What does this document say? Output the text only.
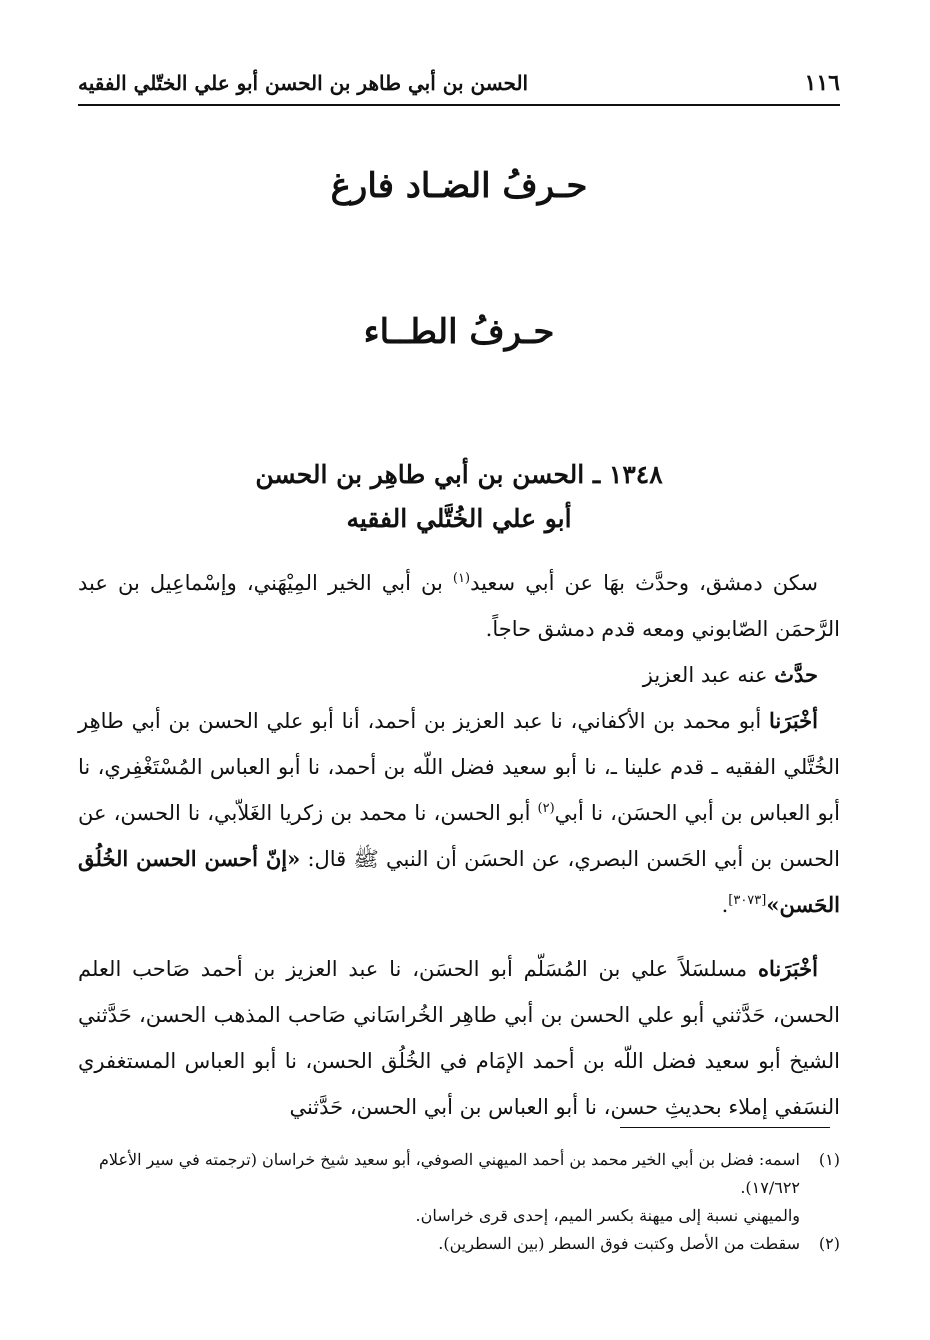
١١٦
الحسن بن أبي طاهر بن الحسن أبو علي الختّلي الفقيه
حـرفُ الضـاد فارغ
حـرفُ الطــاء
١٣٤٨ ـ الحسن بن أبي طاهِر بن الحسن
أبو علي الخُتَّلي الفقيه

سكن دمشق، وحدَّث بهَا عن أبي سعيد$^{(١)}$ بن أبي الخير المِيْهَني، وإسْماعِيل بن عبد الرَّحمَن الصّابوني ومعه قدم دمشق حاجاً.

حدَّث عنه عبد العزيز

أخْبَرَنا أبو محمد بن الأكفاني، نا عبد العزيز بن أحمد، أنا أبو علي الحسن بن أبي طاهِر الخُتَّلي الفقيه ـ قدم علينا ـ، نا أبو سعيد فضل اللّه بن أحمد، نا أبو العباس المُسْتَغْفِري، نا أبو العباس بن أبي الحسَن، نا أبي$^{(٢)}$ أبو الحسن، نا محمد بن زكريا الغَلاّبي، نا الحسن، عن الحسن بن أبي الحَسن البصري، عن الحسَن أن النبي ﷺ قال: «إنّ أحسن الحسن الخُلُق الحَسن»[٣٠٧٣].

أخْبَرَناه مسلسَلاً علي بن المُسَلّم أبو الحسَن، نا عبد العزيز بن أحمد صَاحب العلم الحسن، حَدَّثني أبو علي الحسن بن أبي طاهِر الخُراسَاني صَاحب المذهب الحسن، حَدَّثني الشيخ أبو سعيد فضل اللّه بن أحمد الإمَام في الخُلُق الحسن، نا أبو العباس المستغفري النسَفي إملاء بحديثِ حسن، نا أبو العباس بن أبي الحسن، حَدَّثني

(١)
اسمه: فضل بن أبي الخير محمد بن أحمد الميهني الصوفي، أبو سعيد شيخ خراسان (ترجمته في سير الأعلام ١٧/٦٢٢).
والميهني نسبة إلى ميهنة بكسر الميم، إحدى قرى خراسان.
(٢)
سقطت من الأصل وكتبت فوق السطر (بين السطرين).
